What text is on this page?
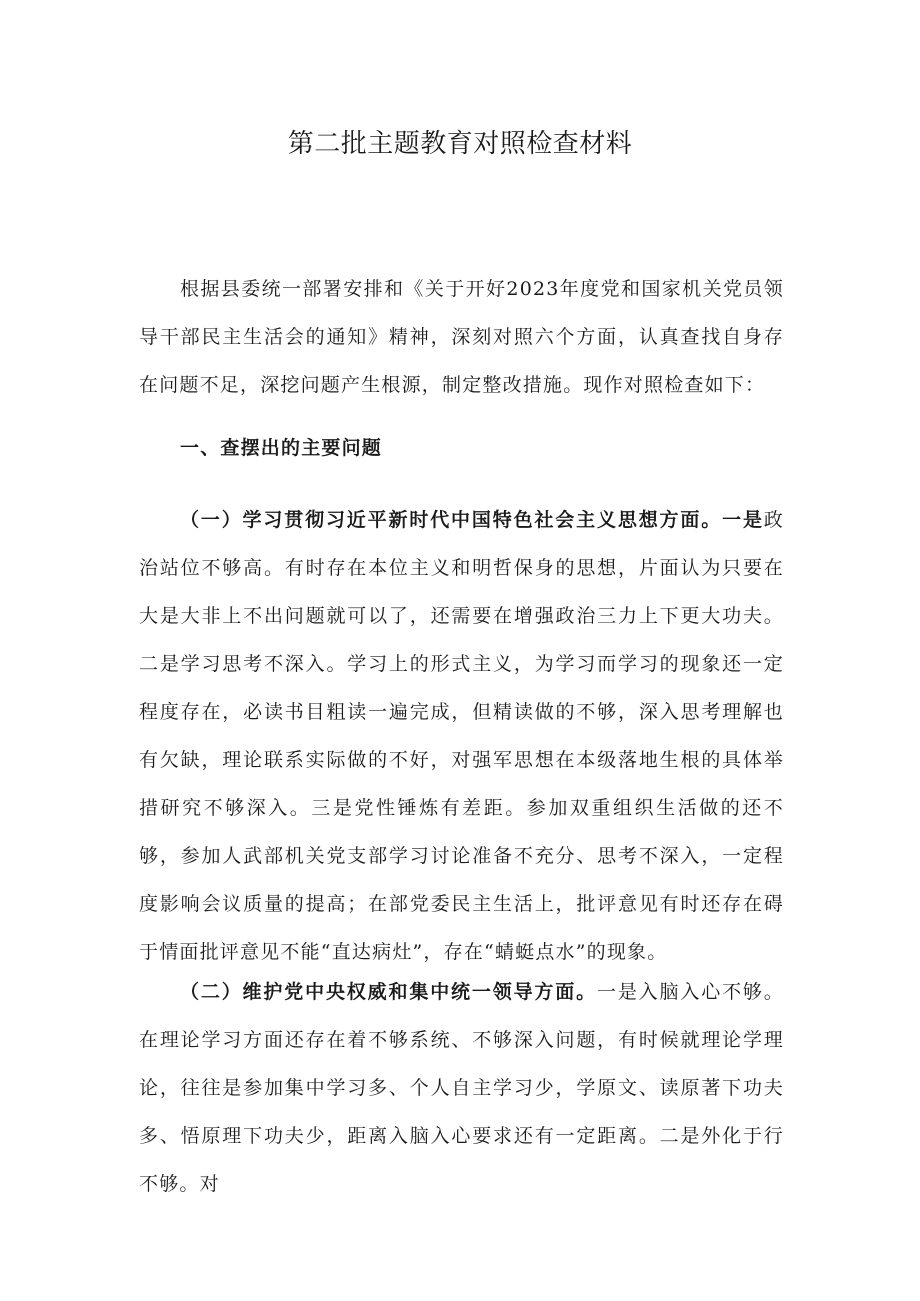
第二批主题教育对照检查材料

根据县委统一部署安排和《关于开好2023年度党和国家机关党员领导干部民主生活会的通知》精神，深刻对照六个方面，认真查找自身存在问题不足，深挖问题产生根源，制定整改措施。现作对照检查如下：

一、查摆出的主要问题

（一）学习贯彻习近平新时代中国特色社会主义思想方面。一是政治站位不够高。有时存在本位主义和明哲保身的思想，片面认为只要在大是大非上不出问题就可以了，还需要在增强政治三力上下更大功夫。二是学习思考不深入。学习上的形式主义，为学习而学习的现象还一定程度存在，必读书目粗读一遍完成，但精读做的不够，深入思考理解也有欠缺，理论联系实际做的不好，对强军思想在本级落地生根的具体举措研究不够深入。三是党性锤炼有差距。参加双重组织生活做的还不够，参加人武部机关党支部学习讨论准备不充分、思考不深入，一定程度影响会议质量的提高；在部党委民主生活上，批评意见有时还存在碍于情面批评意见不能“直达病灶”，存在“蜻蜓点水”的现象。

（二）维护党中央权威和集中统一领导方面。一是入脑入心不够。在理论学习方面还存在着不够系统、不够深入问题，有时候就理论学理论，往往是参加集中学习多、个人自主学习少，学原文、读原著下功夫多、悟原理下功夫少，距离入脑入心要求还有一定距离。二是外化于行不够。对
